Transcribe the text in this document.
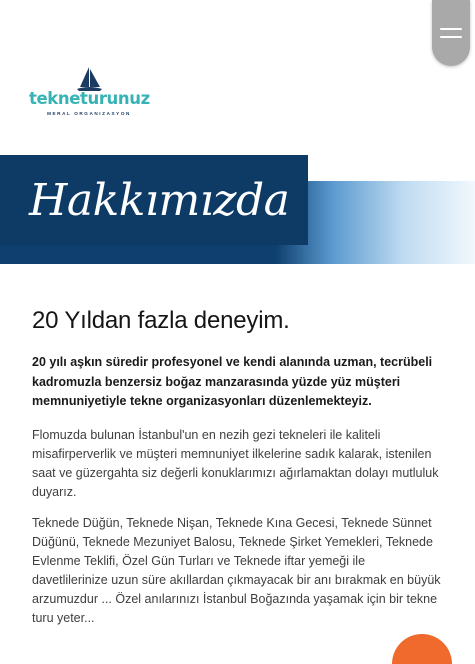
tekneturunuz
MERAL ORGANIZASYON
Hakkımızda
20 Yıldan fazla deneyim.

20 yılı aşkın süredir profesyonel ve kendi alanında uzman, tecrübeli kadromuzla benzersiz boğaz manzarasında yüzde yüz müşteri memnuniyetiyle tekne organizasyonları düzenlemekteyiz.

Flomuzda bulunan İstanbul'un en nezih gezi tekneleri ile kaliteli misafirperverlik ve müşteri memnuniyet ilkelerine sadık kalarak, istenilen saat ve güzergahta siz değerli konuklarımızı ağırlamaktan dolayı mutluluk duyarız.

Teknede Düğün, Teknede Nişan, Teknede Kına Gecesi, Teknede Sünnet Düğünü, Teknede Mezuniyet Balosu, Teknede Şirket Yemekleri, Teknede Evlenme Teklifi, Özel Gün Turları ve Teknede iftar yemeği ile davetlilerinize uzun süre akıllardan çıkmayacak bir anı bırakmak en büyük arzumuzdur ... Özel anılarınızı İstanbul Boğazında yaşamak için bir tekne turu yeter...
